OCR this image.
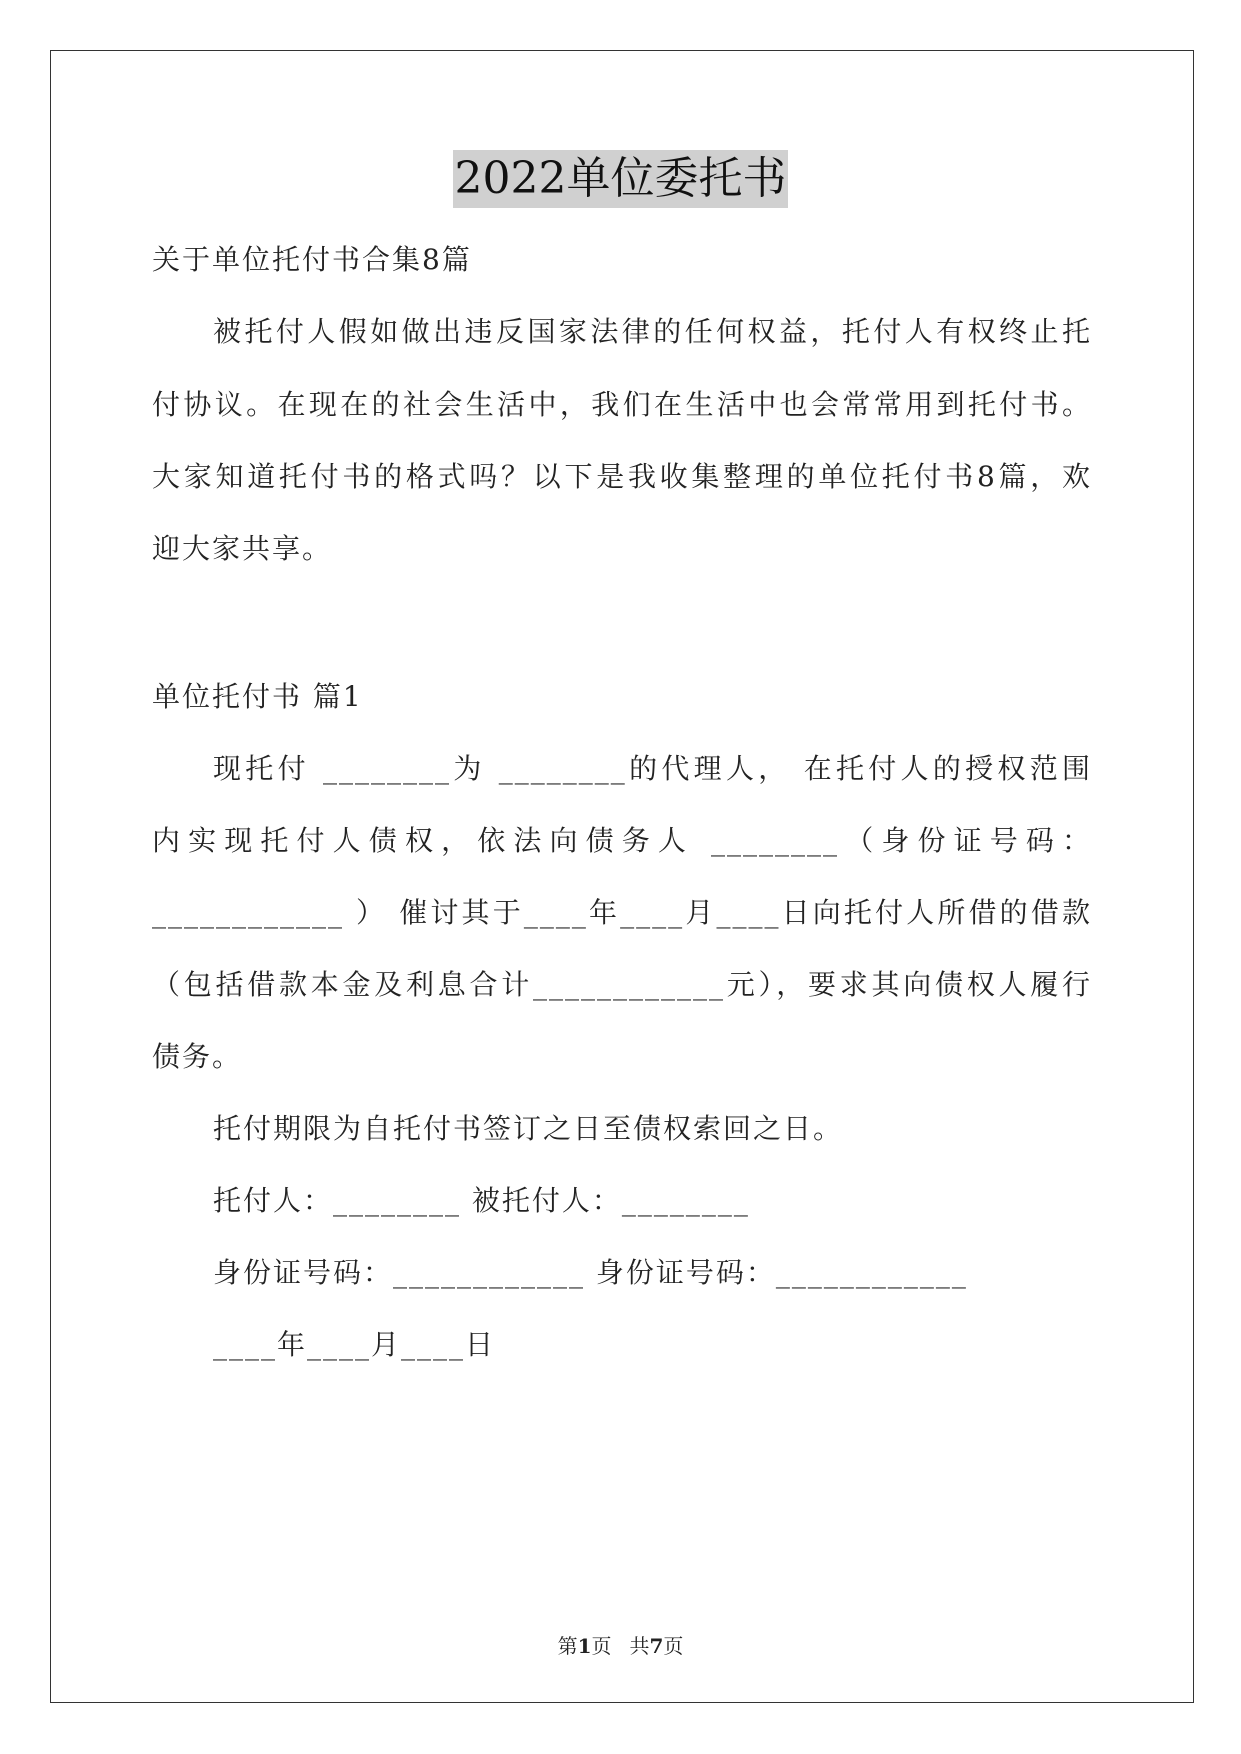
2022单位委托书
关于单位托付书合集8篇
被托付人假如做出违反国家法律的任何权益，托付人有权终止托
付协议。在现在的社会生活中，我们在生活中也会常常用到托付书。
大家知道托付书的格式吗？以下是我收集整理的单位托付书8篇，欢
迎大家共享。
单位托付书 篇1
现托付 ________为 ________的代理人， 在托付人的授权范围
内实现托付人债权，依法向债务人 ________（身份证号码：
____________ ） 催讨其于____年____月____日向托付人所借的借款
（包括借款本金及利息合计____________元），要求其向债权人履行
债务。
托付期限为自托付书签订之日至债权索回之日。
托付人：________ 被托付人：________
身份证号码：____________ 身份证号码：____________
____年____月____日
第1页 共7页
